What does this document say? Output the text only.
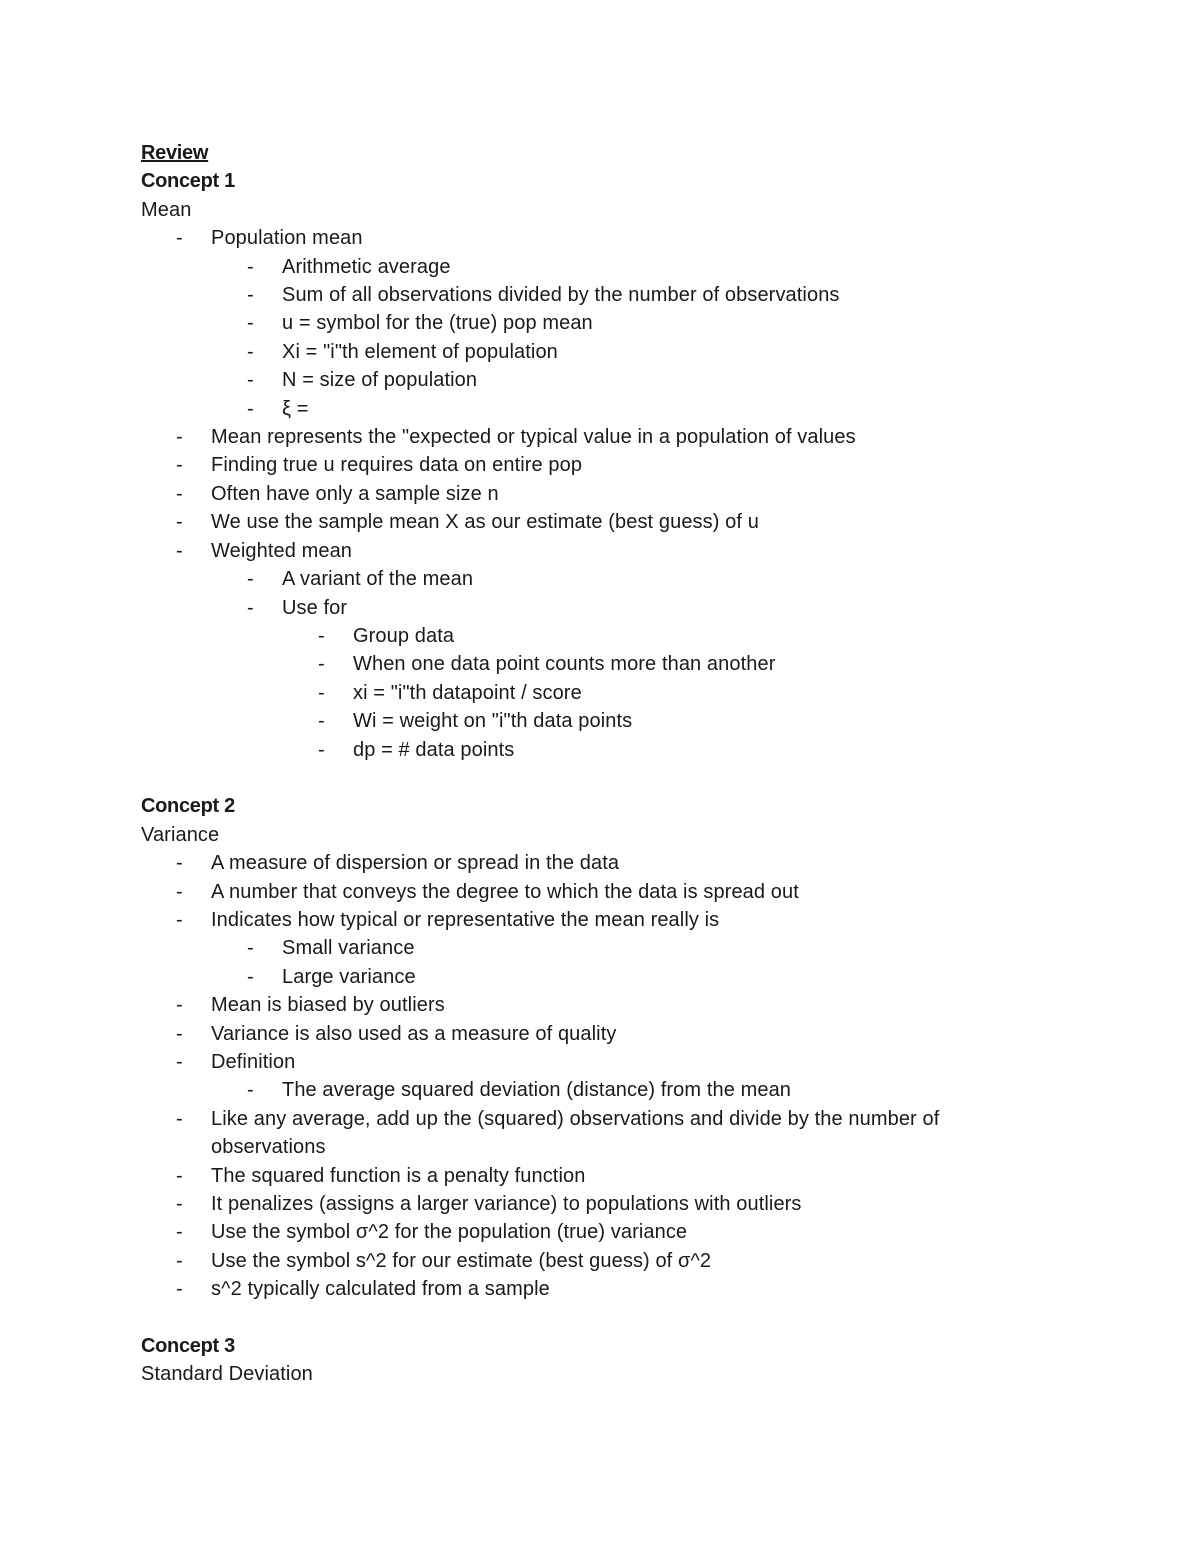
Review

Concept 1

Mean

- Population mean
- Arithmetic average
- Sum of all observations divided by the number of observations
- u = symbol for the (true) pop mean
- Xi = "i"th element of population
- N = size of population
- ξ =
- Mean represents the "expected or typical value in a population of values
- Finding true u requires data on entire pop
- Often have only a sample size n
- We use the sample mean X as our estimate (best guess) of u
- Weighted mean
- A variant of the mean
- Use for
- Group data
- When one data point counts more than another
- xi = "i"th datapoint / score
- Wi = weight on "i"th data points
- dp = # data points

Concept 2

Variance

- A measure of dispersion or spread in the data
- A number that conveys the degree to which the data is spread out
- Indicates how typical or representative the mean really is
- Small variance
- Large variance
- Mean is biased by outliers
- Variance is also used as a measure of quality
- Definition
- The average squared deviation (distance) from the mean
- Like any average, add up the (squared) observations and divide by the number of observations
- The squared function is a penalty function
- It penalizes (assigns a larger variance) to populations with outliers
- Use the symbol σ^2 for the population (true) variance
- Use the symbol s^2 for our estimate (best guess) of σ^2
- s^2 typically calculated from a sample

Concept 3

Standard Deviation
